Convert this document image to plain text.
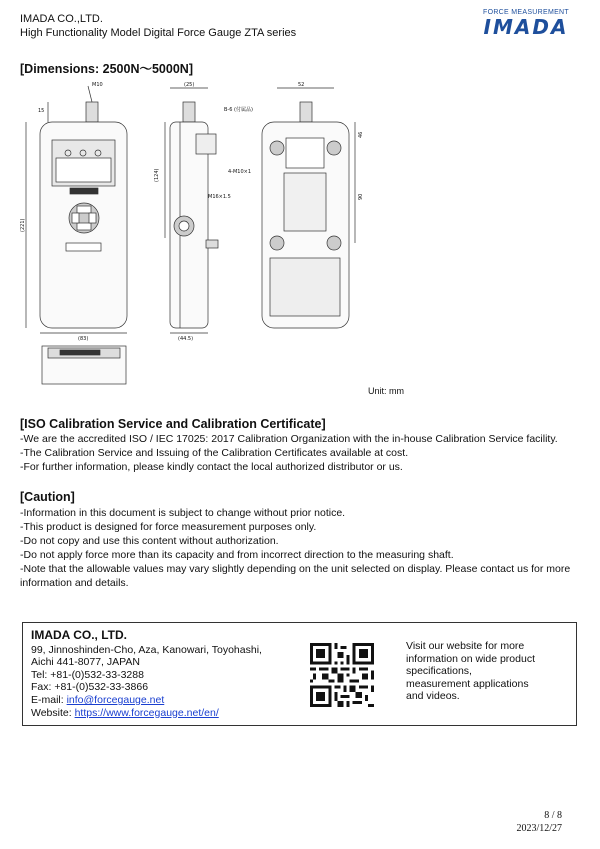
IMADA CO.,LTD.
High Functionality Model Digital Force Gauge ZTA series
FORCE MEASUREMENT
IMADA
[Dimensions: 2500N～5000N]
M10
15
(221)
(83)
(25)
(124)
B-6 (付属品)
M16×1.5
(44.5)
52
46
90
4-M10×1
Unit: mm
[ISO Calibration Service and Calibration Certificate]
-We are the accredited ISO / IEC 17025: 2017 Calibration Organization with the in-house Calibration Service facility.
-The Calibration Service and Issuing of the Calibration Certificates available at cost.
-For further information, please kindly contact the local authorized distributor or us.
[Caution]
-Information in this document is subject to change without prior notice.
-This product is designed for force measurement purposes only.
-Do not copy and use this content without authorization.
-Do not apply force more than its capacity and from incorrect direction to the measuring shaft.
-Note that the allowable values may vary slightly depending on the unit selected on display. Please contact us for more information and details.
IMADA CO., LTD.
99, Jinnoshinden-Cho, Aza, Kanowari, Toyohashi,
Aichi 441-8077, JAPAN
Tel: +81-(0)532-33-3288
Fax: +81-(0)532-33-3866
E-mail: info@forcegauge.net
Website: https://www.forcegauge.net/en/
Visit our website for more information on wide product specifications, measurement applications and videos.
8 / 8
2023/12/27
